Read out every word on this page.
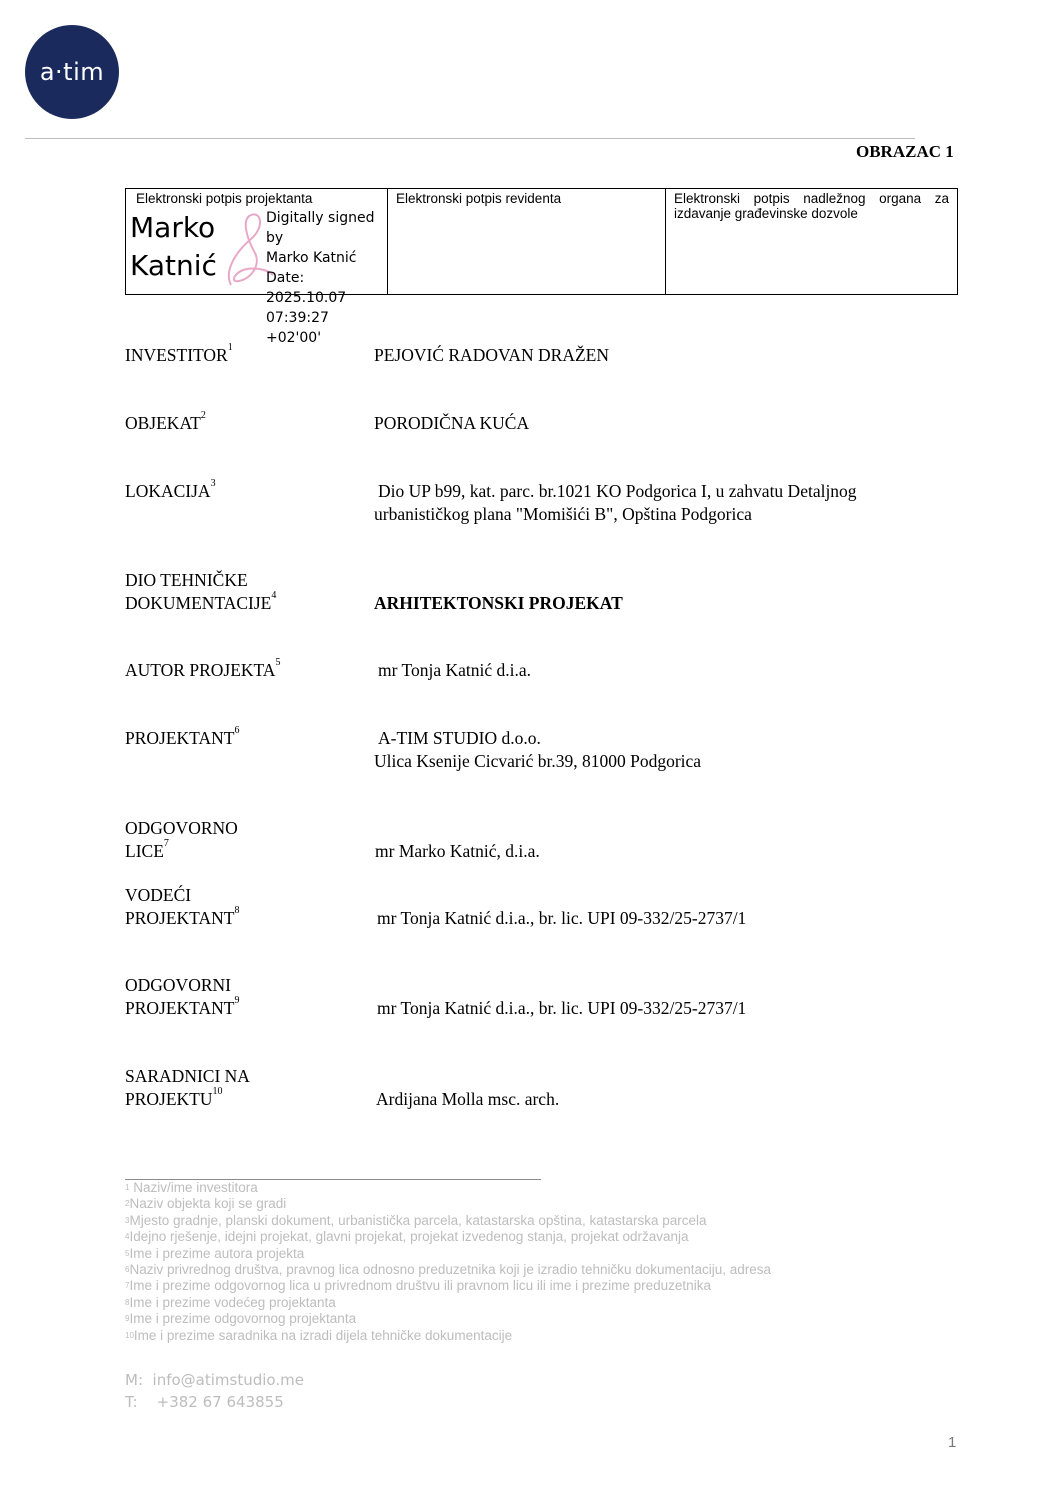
a·tim
OBRAZAC 1
Elektronski potpis projektanta
Marko
Katnić
Digitally signed by
Marko Katnić
Date: 2025.10.07
07:39:27 +02'00'

Elektronski potpis revidenta	Elektronski potpis nadležnog organa za izdavanje građevinske dozvole
INVESTITOR$^1$	PEJOVIĆ RADOVAN DRAŽEN
OBJEKAT$^2$	PORODIČNA KUĆA
LOKACIJA$^3$	Dio UP b99, kat. parc. br.1021 KO Podgorica I, u zahvatu Detaljnog
urbanističkog plana "Momišići B", Opština Podgorica
DIO TEHNIČKE
DOKUMENTACIJE$^4$	ARHITEKTONSKI PROJEKAT
AUTOR PROJEKTA$^5$	mr Tonja Katnić d.i.a.
PROJEKTANT$^6$	A-TIM STUDIO d.o.o.
Ulica Ksenije Cicvarić br.39, 81000 Podgorica
ODGOVORNO
LICE$^7$	mr Marko Katnić, d.i.a.
VODEĆI
PROJEKTANT$^8$	mr Tonja Katnić d.i.a., br. lic. UPI 09-332/25-2737/1
ODGOVORNI
PROJEKTANT$^9$	mr Tonja Katnić d.i.a., br. lic. UPI 09-332/25-2737/1
SARADNICI NA
PROJEKTU$^{10}$	Ardijana Molla msc. arch.
$^1$ Naziv/ime investitora
$^2$Naziv objekta koji se gradi
$^3$Mjesto gradnje, planski dokument, urbanistička parcela, katastarska opština, katastarska parcela
$^4$Idejno rješenje, idejni projekat, glavni projekat, projekat izvedenog stanja, projekat održavanja
$^5$Ime i prezime autora projekta
$^6$Naziv privrednog društva, pravnog lica odnosno preduzetnika koji je izradio tehničku dokumentaciju, adresa
$^7$Ime i prezime odgovornog lica u privrednom društvu ili pravnom licu ili ime i prezime preduzetnika
$^8$Ime i prezime vodećeg projektanta
$^9$Ime i prezime odgovornog projektanta
$^{10}$Ime i prezime saradnika na izradi dijela tehničke dokumentacije
M: info@atimstudio.me
T: +382 67 643855
1
